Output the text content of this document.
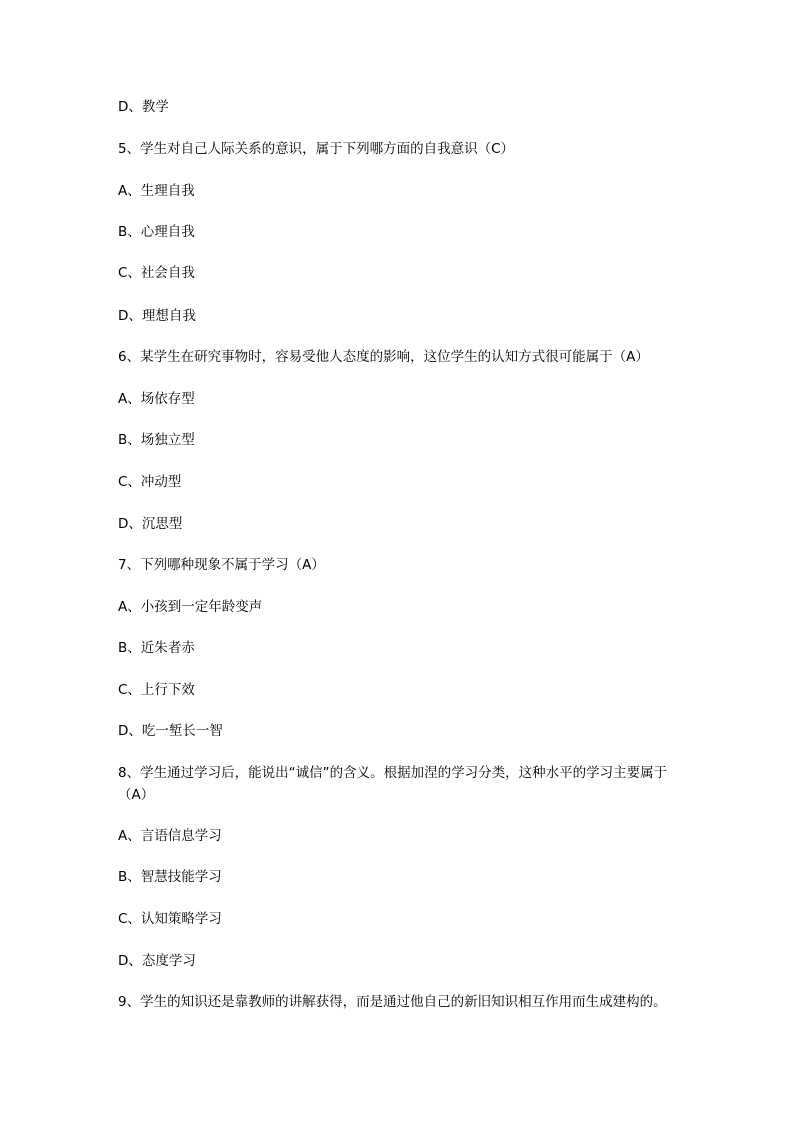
D、教学
5、学生对自己人际关系的意识，属于下列哪方面的自我意识（C）
A、生理自我
B、心理自我
C、社会自我
D、理想自我
6、某学生在研究事物时，容易受他人态度的影响，这位学生的认知方式很可能属于（A）
A、场依存型
B、场独立型
C、冲动型
D、沉思型
7、下列哪种现象不属于学习（A）
A、小孩到一定年龄变声
B、近朱者赤
C、上行下效
D、吃一堑长一智
8、学生通过学习后，能说出“诚信”的含义。根据加涅的学习分类，这种水平的学习主要属于（A）
A、言语信息学习
B、智慧技能学习
C、认知策略学习
D、态度学习
9、学生的知识还是靠教师的讲解获得，而是通过他自己的新旧知识相互作用而生成建构的。
